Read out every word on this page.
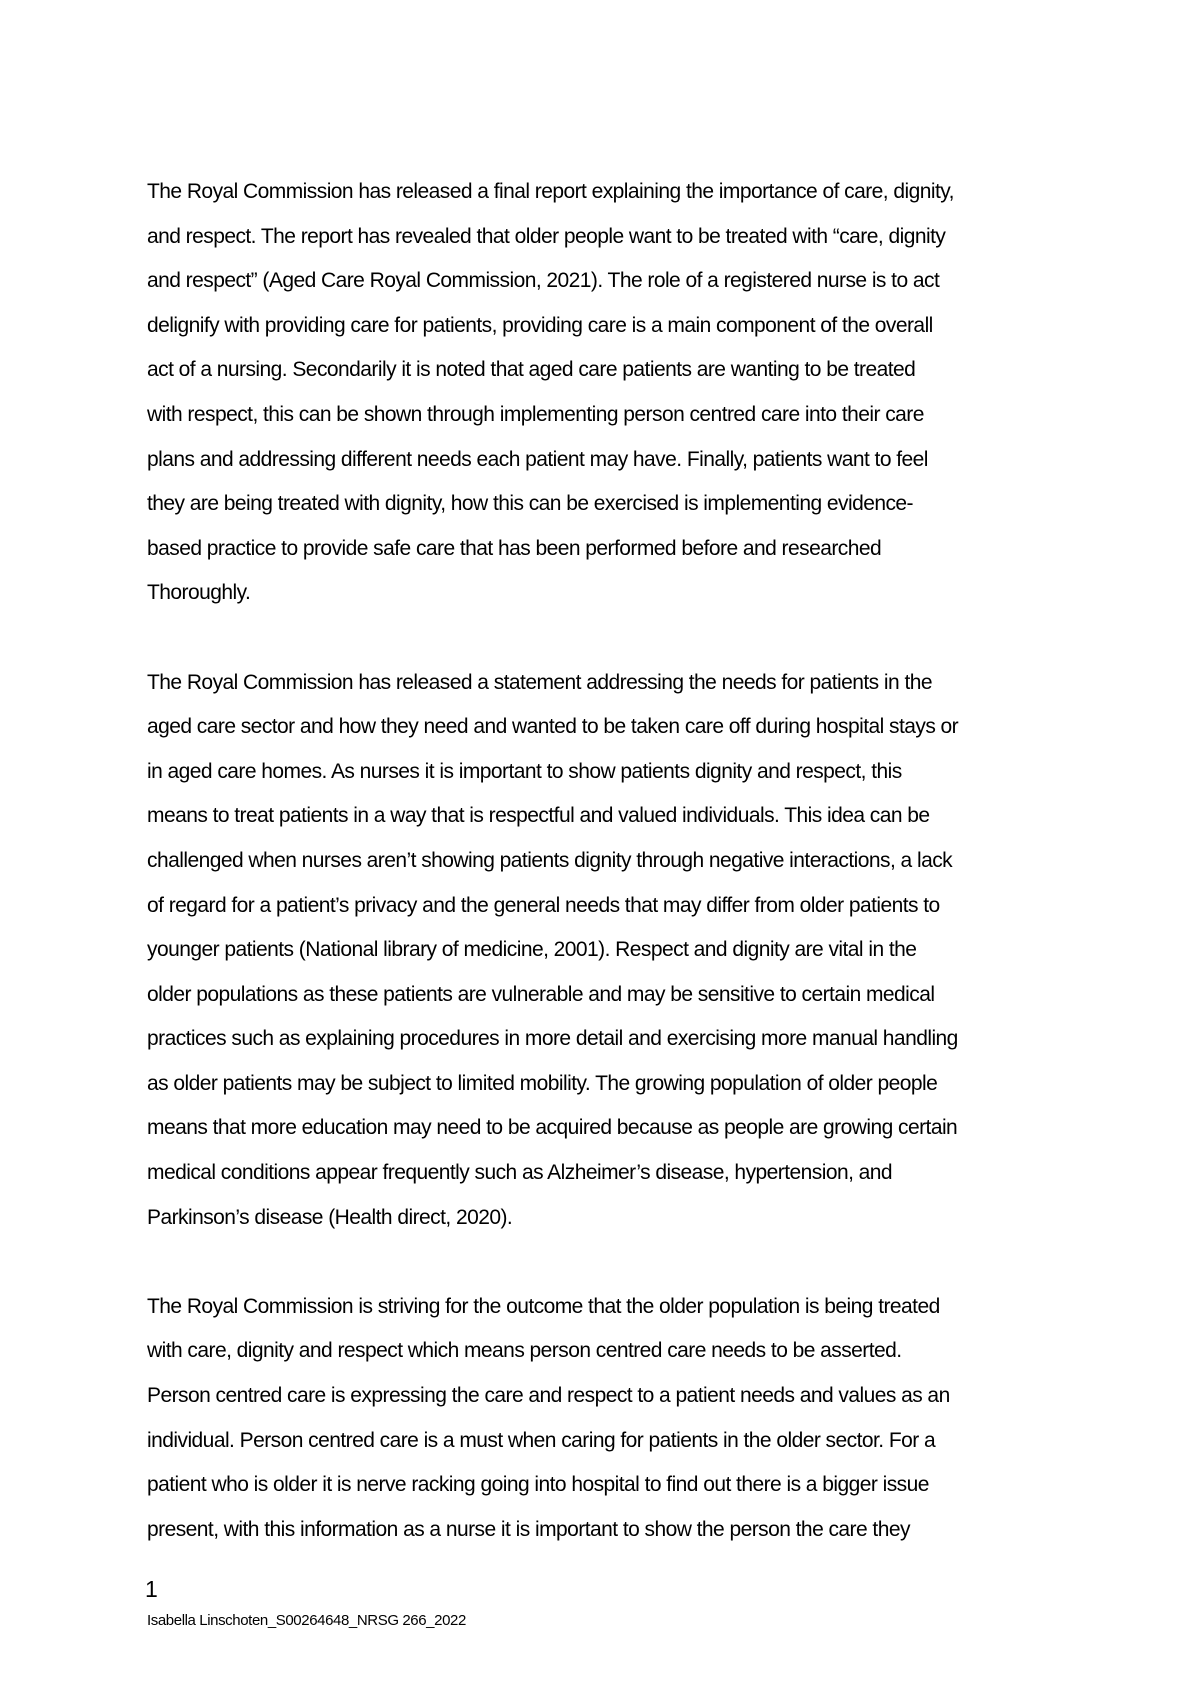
The Royal Commission has released a final report explaining the importance of care, dignity,
and respect. The report has revealed that older people want to be treated with “care, dignity
and respect” (Aged Care Royal Commission, 2021). The role of a registered nurse is to act
delignify with providing care for patients, providing care is a main component of the overall
act of a nursing. Secondarily it is noted that aged care patients are wanting to be treated
with respect, this can be shown through implementing person centred care into their care
plans and addressing different needs each patient may have. Finally, patients want to feel
they are being treated with dignity, how this can be exercised is implementing evidence-
based practice to provide safe care that has been performed before and researched
Thoroughly.
The Royal Commission has released a statement addressing the needs for patients in the
aged care sector and how they need and wanted to be taken care off during hospital stays or
in aged care homes. As nurses it is important to show patients dignity and respect, this
means to treat patients in a way that is respectful and valued individuals. This idea can be
challenged when nurses aren’t showing patients dignity through negative interactions, a lack
of regard for a patient’s privacy and the general needs that may differ from older patients to
younger patients (National library of medicine, 2001). Respect and dignity are vital in the
older populations as these patients are vulnerable and may be sensitive to certain medical
practices such as explaining procedures in more detail and exercising more manual handling
as older patients may be subject to limited mobility. The growing population of older people
means that more education may need to be acquired because as people are growing certain
medical conditions appear frequently such as Alzheimer’s disease, hypertension, and
Parkinson’s disease (Health direct, 2020).
The Royal Commission is striving for the outcome that the older population is being treated
with care, dignity and respect which means person centred care needs to be asserted.
Person centred care is expressing the care and respect to a patient needs and values as an
individual. Person centred care is a must when caring for patients in the older sector. For a
patient who is older it is nerve racking going into hospital to find out there is a bigger issue
present, with this information as a nurse it is important to show the person the care they
1
Isabella Linschoten_S00264648_NRSG 266_2022
